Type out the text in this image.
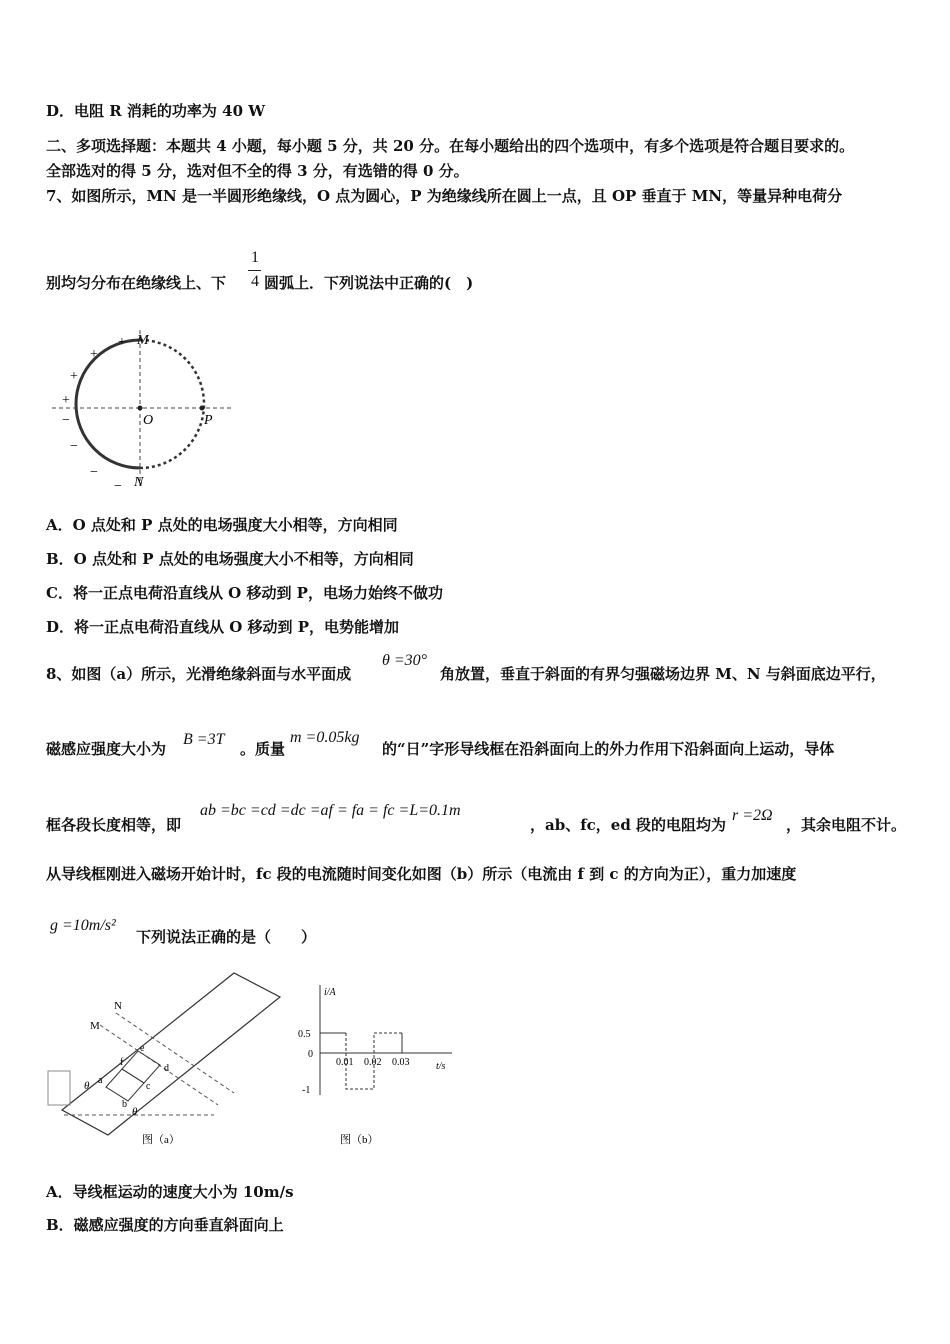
D．电阻 R 消耗的功率为 40 W
二、多项选择题：本题共 4 小题，每小题 5 分，共 20 分。在每小题给出的四个选项中，有多个选项是符合题目要求的。
全部选对的得 5 分，选对但不全的得 3 分，有选错的得 0 分。
7、如图所示，MN 是一半圆形绝缘线，O 点为圆心，P 为绝缘线所在圆上一点，且 OP 垂直于 MN，等量异种电荷分
别均匀分布在绝缘线上、下
1
4 圆弧上．下列说法中正确的(　)
M
N
O	P
+
+
+
+
−
−
−
−
A．O 点处和 P 点处的电场强度大小相等，方向相同
B．O 点处和 P 点处的电场强度大小不相等，方向相同
C．将一正点电荷沿直线从 O 移动到 P，电场力始终不做功
D．将一正点电荷沿直线从 O 移动到 P，电势能增加
8、如图（a）所示，光滑绝缘斜面与水平面成
θ =30°
角放置，垂直于斜面的有界匀强磁场边界 M、N 与斜面底边平行，
磁感应强度大小为
B =3T
。质量
m =0.05kg
的“日”字形导线框在沿斜面向上的外力作用下沿斜面向上运动，导体
框各段长度相等，即
ab =bc =cd =dc =af = fa = fc =L=0.1m
，ab、fc，ed 段的电阻均为
r =2Ω
，其余电阻不计。
从导线框刚进入磁场开始计时，fc 段的电流随时间变化如图（b）所示（电流由 f 到 c 的方向为正），重力加速度
g =10m/s²
下列说法正确的是（　　）
N
M
θ
θ
e
f
a
b
c
d
图（a）
i/A
t/s
0.5
0
-1
0.01 0.02 0.03
图（b）
A．导线框运动的速度大小为 10m/s
B．磁感应强度的方向垂直斜面向上
